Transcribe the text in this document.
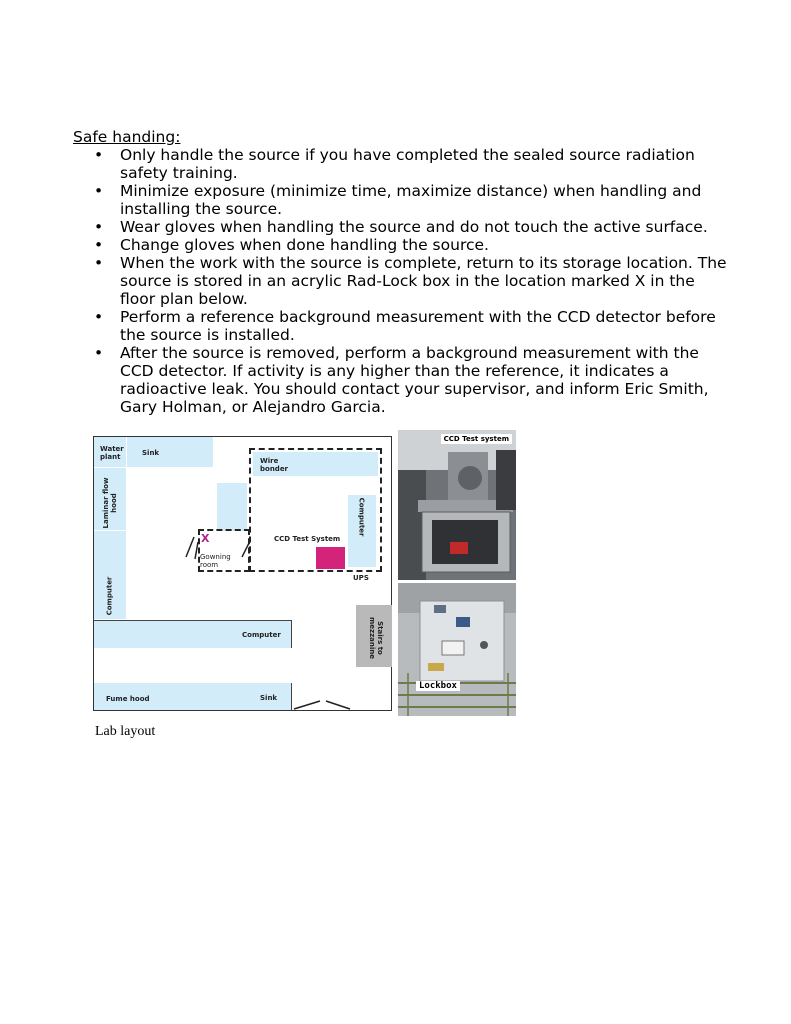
Safe handing:
• Only handle the source if you have completed the sealed source radiation safety training.
• Minimize exposure (minimize time, maximize distance) when handling and installing the source.
• Wear gloves when handling the source and do not touch the active surface.
• Change gloves when done handling the source.
• When the work with the source is complete, return to its storage location. The source is stored in an acrylic Rad-Lock box in the location marked X in the floor plan below.
• Perform a reference background measurement with the CCD detector before the source is installed.
• After the source is removed, perform a background measurement with the CCD detector. If activity is any higher than the reference, it indicates a radioactive leak. You should contact your supervisor, and inform Eric Smith, Gary Holman, or Alejandro Garcia.
Water plant	Sink
Laminar flow hood
Computer
Wire bonder
Computer
CCD Test System
UPS
X
Gowning room
Stairs to mezzanine
Computer
Fume hood	Sink
CCD Test system
Lockbox
Lab layout
